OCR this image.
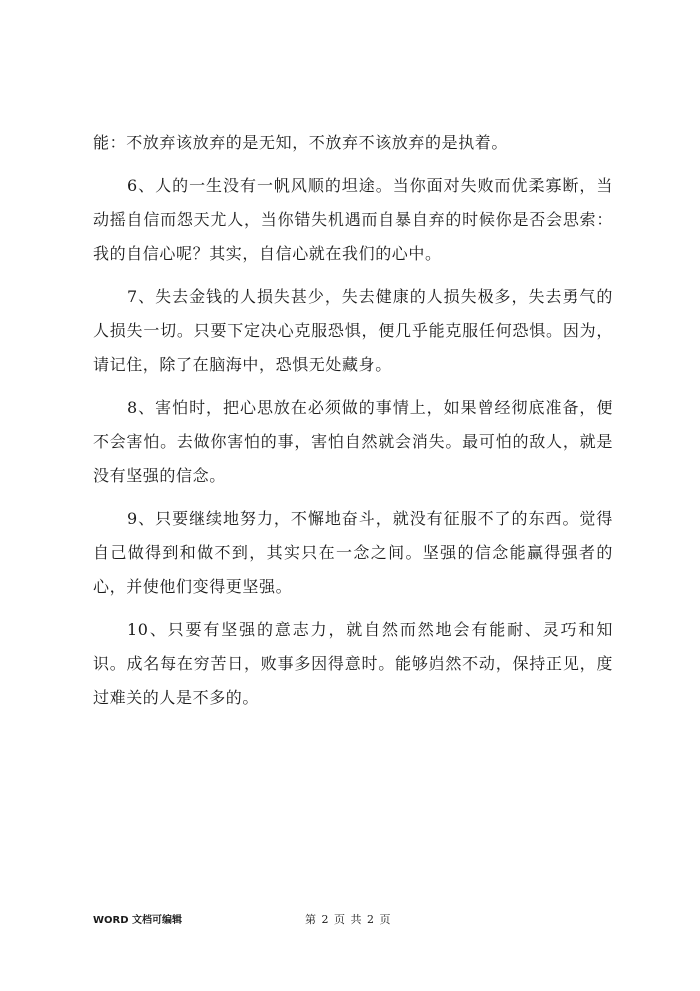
能：不放弃该放弃的是无知，不放弃不该放弃的是执着。

6、人的一生没有一帆风顺的坦途。当你面对失败而优柔寡断，当动摇自信而怨天尤人，当你错失机遇而自暴自弃的时候你是否会思索：我的自信心呢？其实，自信心就在我们的心中。

7、失去金钱的人损失甚少，失去健康的人损失极多，失去勇气的人损失一切。只要下定决心克服恐惧，便几乎能克服任何恐惧。因为，请记住，除了在脑海中，恐惧无处藏身。

8、害怕时，把心思放在必须做的事情上，如果曾经彻底准备，便不会害怕。去做你害怕的事，害怕自然就会消失。最可怕的敌人，就是没有坚强的信念。

9、只要继续地努力，不懈地奋斗，就没有征服不了的东西。觉得自己做得到和做不到，其实只在一念之间。坚强的信念能赢得强者的心，并使他们变得更坚强。

10、只要有坚强的意志力，就自然而然地会有能耐、灵巧和知识。成名每在穷苦日，败事多因得意时。能够岿然不动，保持正见，度过难关的人是不多的。

WORD 文档可编辑	第 2 页 共 2 页
